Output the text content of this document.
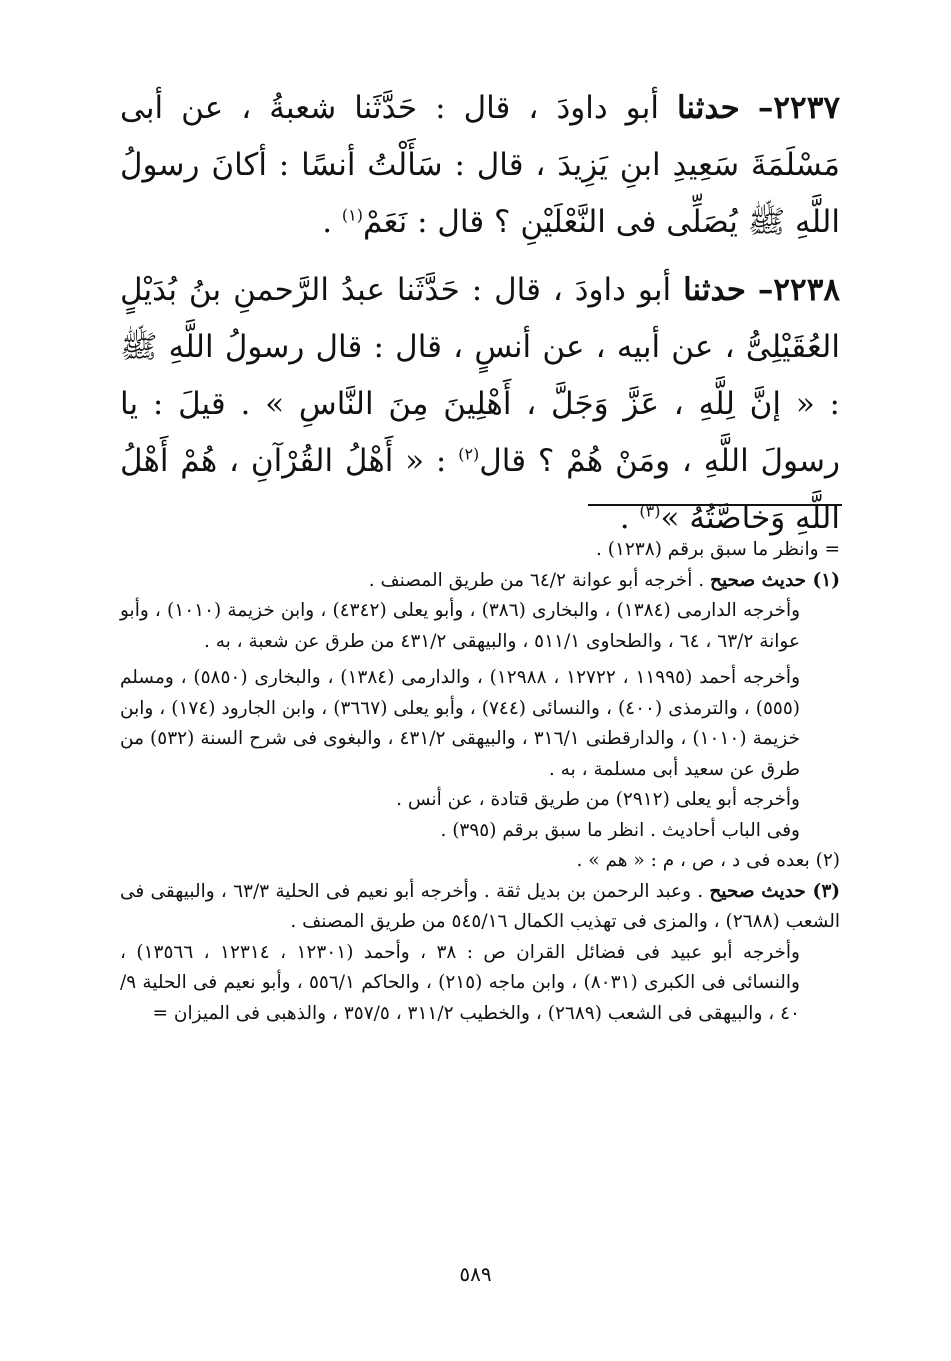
٢٢٣٧– حدثنا أبو داودَ ، قال : حَدَّثَنا شعبةُ ، عن أبى مَسْلَمَةَ سَعِيدِ ابنِ يَزِيدَ ، قال : سَأَلْتُ أنسًا : أكانَ رسولُ اللَّهِ ﷺ يُصَلِّى فى النَّعْلَيْنِ ؟ قال : نَعَمْ$^{(١)}$ .
٢٢٣٨– حدثنا أبو داودَ ، قال : حَدَّثَنا عبدُ الرَّحمنِ بنُ بُدَيْلٍ العُقَيْلِىُّ ، عن أبيه ، عن أنسٍ ، قال : قال رسولُ اللَّهِ ﷺ : « إنَّ لِلَّهِ ، عَزَّ وَجَلَّ ، أَهْلِينَ مِنَ النَّاسِ » . قيلَ : يا رسولَ اللَّهِ ، ومَنْ هُمْ ؟ قال$^{(٢)}$ : « أَهْلُ القُرْآنِ ، هُمْ أَهْلُ اللَّهِ وَخاصَّتُهُ »$^{(٣)}$ .

= وانظر ما سبق برقم (١٢٣٨) .

(١) حديث صحيح . أخرجه أبو عوانة ٦٤/٢ من طريق المصنف .

وأخرجه الدارمى (١٣٨٤) ، والبخارى (٣٨٦) ، وأبو يعلى (٤٣٤٢) ، وابن خزيمة (١٠١٠) ، وأبو عوانة ٦٣/٢ ، ٦٤ ، والطحاوى ٥١١/١ ، والبيهقى ٤٣١/٢ من طرق عن شعبة ، به .

وأخرجه أحمد (١١٩٩٥ ، ١٢٧٢٢ ، ١٢٩٨٨) ، والدارمى (١٣٨٤) ، والبخارى (٥٨٥٠) ، ومسلم (٥٥٥) ، والترمذى (٤٠٠) ، والنسائى (٧٤٤) ، وأبو يعلى (٣٦٦٧) ، وابن الجارود (١٧٤) ، وابن خزيمة (١٠١٠) ، والدارقطنى ٣١٦/١ ، والبيهقى ٤٣١/٢ ، والبغوى فى شرح السنة (٥٣٢) من طرق عن سعيد أبى مسلمة ، به .

وأخرجه أبو يعلى (٢٩١٢) من طريق قتادة ، عن أنس .

وفى الباب أحاديث . انظر ما سبق برقم (٣٩٥) .

(٢) بعده فى د ، ص ، م : « هم » .

(٣) حديث صحيح . وعبد الرحمن بن بديل ثقة . وأخرجه أبو نعيم فى الحلية ٦٣/٣ ، والبيهقى فى الشعب (٢٦٨٨) ، والمزى فى تهذيب الكمال ٥٤٥/١٦ من طريق المصنف .

وأخرجه أبو عبيد فى فضائل القران ص : ٣٨ ، وأحمد (١٢٣٠١ ، ١٢٣١٤ ، ١٣٥٦٦) ، والنسائى فى الكبرى (٨٠٣١) ، وابن ماجه (٢١٥) ، والحاكم ٥٥٦/١ ، وأبو نعيم فى الحلية ٩/ ٤٠ ، والبيهقى فى الشعب (٢٦٨٩) ، والخطيب ٣١١/٢ ، ٣٥٧/٥ ، والذهبى فى الميزان =

٥٨٩
